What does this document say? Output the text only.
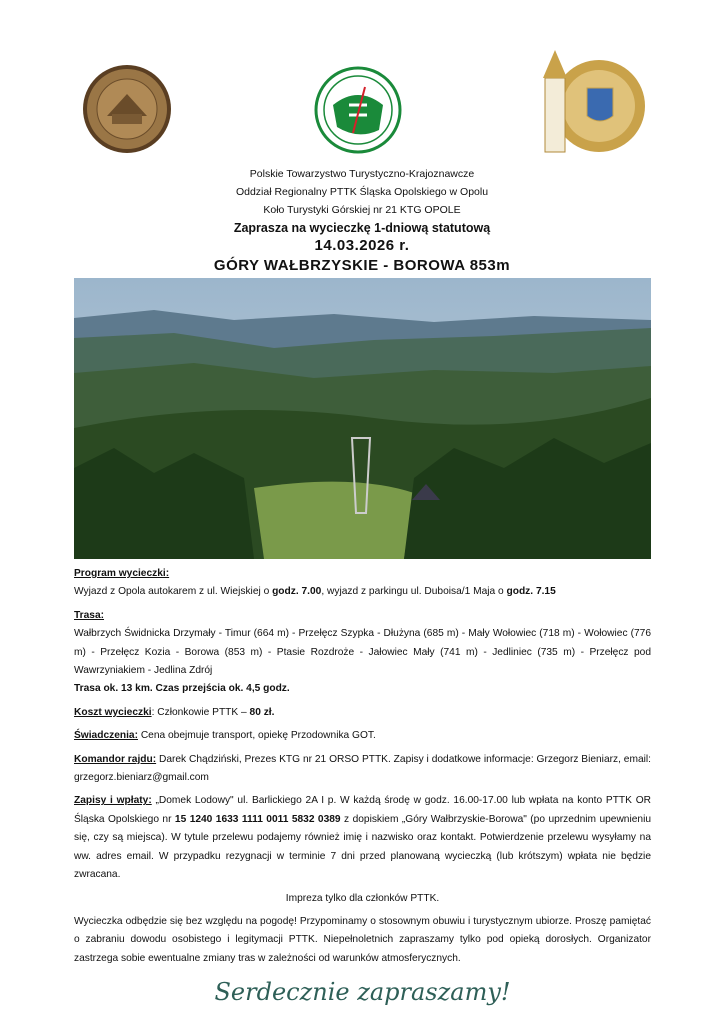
Polskie Towarzystwo Turystyczno-Krajoznawcze
Oddział Regionalny PTTK Śląska Opolskiego w Opolu
Koło Turystyki Górskiej nr 21 KTG OPOLE
Zaprasza na wycieczkę 1-dniową statutową
14.03.2026 r.
GÓRY WAŁBRZYSKIE - BOROWA 853m

Program wycieczki:
Wyjazd z Opola autokarem z ul. Wiejskiej o godz. 7.00, wyjazd z parkingu ul. Duboisa/1 Maja o godz. 7.15

Trasa:
Wałbrzych Świdnicka Drzymały - Timur (664 m) - Przełęcz Szypka - Dłużyna (685 m) - Mały Wołowiec (718 m) - Wołowiec (776 m) - Przełęcz Kozia - Borowa (853 m) - Ptasie Rozdroże - Jałowiec Mały (741 m) - Jedliniec (735 m) - Przełęcz pod Wawrzyniakiem - Jedlina Zdrój
Trasa ok. 13 km. Czas przejścia ok. 4,5 godz.

Koszt wycieczki: Członkowie PTTK – 80 zł.

Świadczenia: Cena obejmuje transport, opiekę Przodownika GOT.

Komandor rajdu: Darek Chądziński, Prezes KTG nr 21 ORSO PTTK. Zapisy i dodatkowe informacje: Grzegorz Bieniarz, email: grzegorz.bieniarz@gmail.com

Zapisy i wpłaty: „Domek Lodowy" ul. Barlickiego 2A I p. W każdą środę w godz. 16.00-17.00 lub wpłata na konto PTTK OR Śląska Opolskiego nr 15 1240 1633 1111 0011 5832 0389 z dopiskiem „Góry Wałbrzyskie-Borowa" (po uprzednim upewnieniu się, czy są miejsca). W tytule przelewu podajemy również imię i nazwisko oraz kontakt. Potwierdzenie przelewu wysyłamy na ww. adres email. W przypadku rezygnacji w terminie 7 dni przed planowaną wycieczką (lub krótszym) wpłata nie będzie zwracana.

Impreza tylko dla członków PTTK.

Wycieczka odbędzie się bez względu na pogodę! Przypominamy o stosownym obuwiu i turystycznym ubiorze. Proszę pamiętać o zabraniu dowodu osobistego i legitymacji PTTK. Niepełnoletnich zapraszamy tylko pod opieką dorosłych. Organizator zastrzega sobie ewentualne zmiany tras w zależności od warunków atmosferycznych.

Serdecznie zapraszamy!
